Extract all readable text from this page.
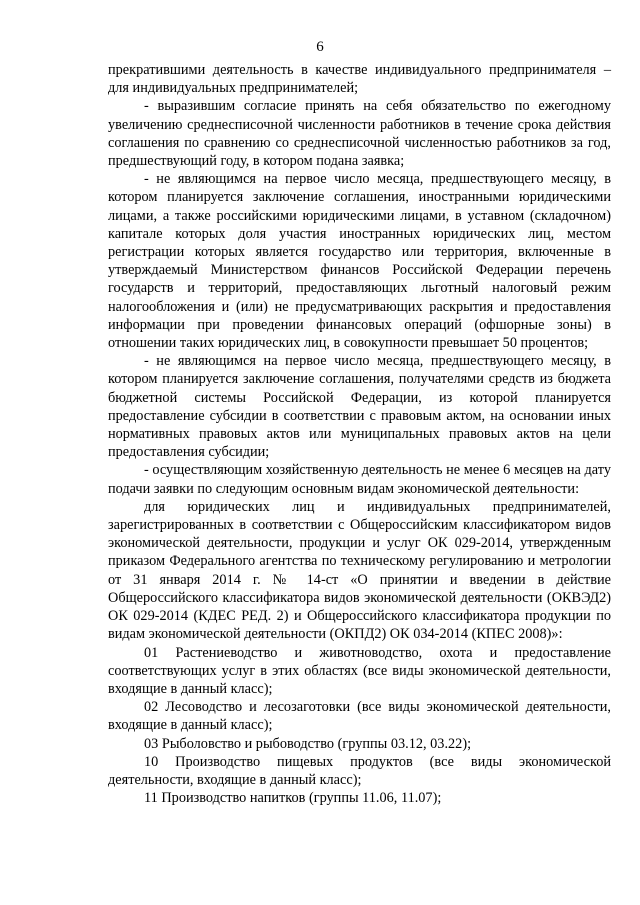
6

прекратившими деятельность в качестве индивидуального предпринимателя – для индивидуальных предпринимателей;

- выразившим согласие принять на себя обязательство по ежегодному увеличению среднесписочной численности работников в течение срока действия соглашения по сравнению со среднесписочной численностью работников за год, предшествующий году, в котором подана заявка;

- не являющимся на первое число месяца, предшествующего месяцу, в котором планируется заключение соглашения, иностранными юридическими лицами, а также российскими юридическими лицами, в уставном (складочном) капитале которых доля участия иностранных юридических лиц, местом регистрации которых является государство или территория, включенные в утверждаемый Министерством финансов Российской Федерации перечень государств и территорий, предоставляющих льготный налоговый режим налогообложения и (или) не предусматривающих раскрытия и предоставления информации при проведении финансовых операций (офшорные зоны) в отношении таких юридических лиц, в совокупности превышает 50 процентов;

- не являющимся на первое число месяца, предшествующего месяцу, в котором планируется заключение соглашения, получателями средств из бюджета бюджетной системы Российской Федерации, из которой планируется предоставление субсидии в соответствии с правовым актом, на основании иных нормативных правовых актов или муниципальных правовых актов на цели предоставления субсидии;

- осуществляющим хозяйственную деятельность не менее 6 месяцев на дату подачи заявки по следующим основным видам экономической деятельности:

для юридических лиц и индивидуальных предпринимателей, зарегистрированных в соответствии с Общероссийским классификатором видов экономической деятельности, продукции и услуг ОК 029-2014, утвержденным приказом Федерального агентства по техническому регулированию и метрологии от 31 января 2014 г. № 14-ст «О принятии и введении в действие Общероссийского классификатора видов экономической деятельности (ОКВЭД2) ОК 029-2014 (КДЕС РЕД. 2) и Общероссийского классификатора продукции по видам экономической деятельности (ОКПД2) ОК 034-2014 (КПЕС 2008)»:

01 Растениеводство и животноводство, охота и предоставление соответствующих услуг в этих областях (все виды экономической деятельности, входящие в данный класс);

02 Лесоводство и лесозаготовки (все виды экономической деятельности, входящие в данный класс);

03 Рыболовство и рыбоводство (группы 03.12, 03.22);

10 Производство пищевых продуктов (все виды экономической деятельности, входящие в данный класс);

11 Производство напитков (группы 11.06, 11.07);
